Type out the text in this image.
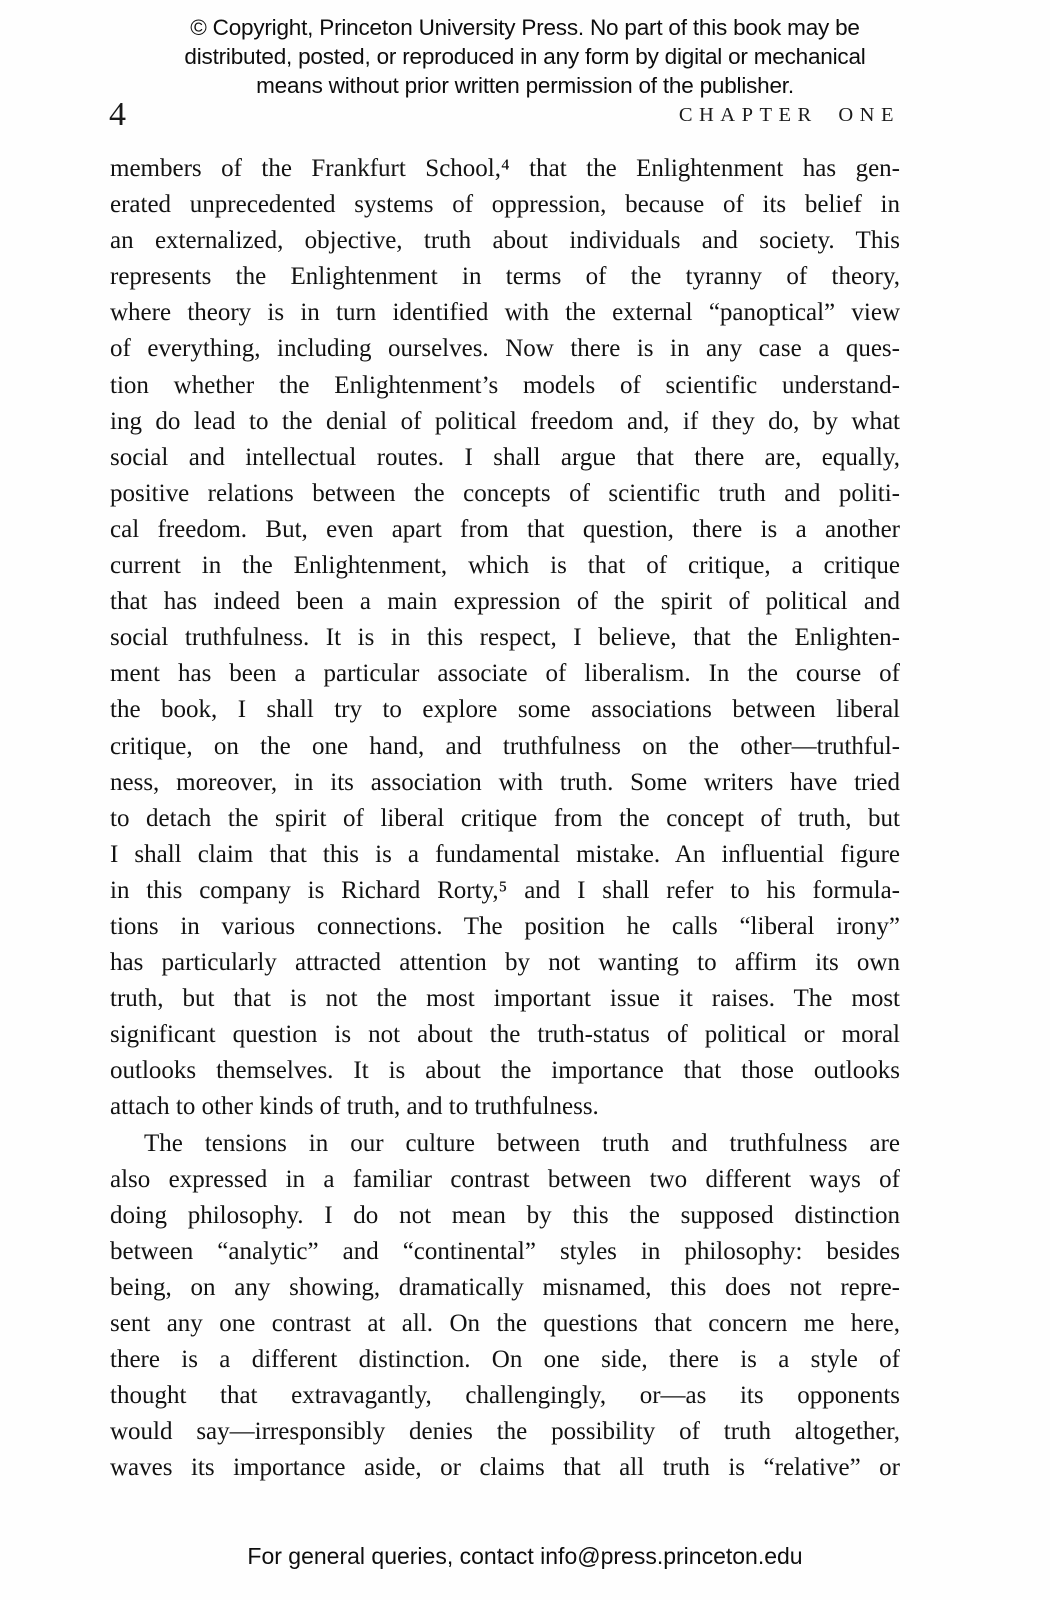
© Copyright, Princeton University Press. No part of this book may be
distributed, posted, or reproduced in any form by digital or mechanical
means without prior written permission of the publisher.
4	CHAPTER ONE
members of the Frankfurt School,⁴ that the Enlightenment has gen-
erated unprecedented systems of oppression, because of its belief in
an externalized, objective, truth about individuals and society. This
represents the Enlightenment in terms of the tyranny of theory,
where theory is in turn identified with the external “panoptical” view
of everything, including ourselves. Now there is in any case a ques-
tion whether the Enlightenment’s models of scientific understand-
ing do lead to the denial of political freedom and, if they do, by what
social and intellectual routes. I shall argue that there are, equally,
positive relations between the concepts of scientific truth and politi-
cal freedom. But, even apart from that question, there is a another
current in the Enlightenment, which is that of critique, a critique
that has indeed been a main expression of the spirit of political and
social truthfulness. It is in this respect, I believe, that the Enlighten-
ment has been a particular associate of liberalism. In the course of
the book, I shall try to explore some associations between liberal
critique, on the one hand, and truthfulness on the other—truthful-
ness, moreover, in its association with truth. Some writers have tried
to detach the spirit of liberal critique from the concept of truth, but
I shall claim that this is a fundamental mistake. An influential figure
in this company is Richard Rorty,⁵ and I shall refer to his formula-
tions in various connections. The position he calls “liberal irony”
has particularly attracted attention by not wanting to affirm its own
truth, but that is not the most important issue it raises. The most
significant question is not about the truth-status of political or moral
outlooks themselves. It is about the importance that those outlooks
attach to other kinds of truth, and to truthfulness.
The tensions in our culture between truth and truthfulness are
also expressed in a familiar contrast between two different ways of
doing philosophy. I do not mean by this the supposed distinction
between “analytic” and “continental” styles in philosophy: besides
being, on any showing, dramatically misnamed, this does not repre-
sent any one contrast at all. On the questions that concern me here,
there is a different distinction. On one side, there is a style of
thought that extravagantly, challengingly, or—as its opponents
would say—irresponsibly denies the possibility of truth altogether,
waves its importance aside, or claims that all truth is “relative” or
For general queries, contact info@press.princeton.edu
